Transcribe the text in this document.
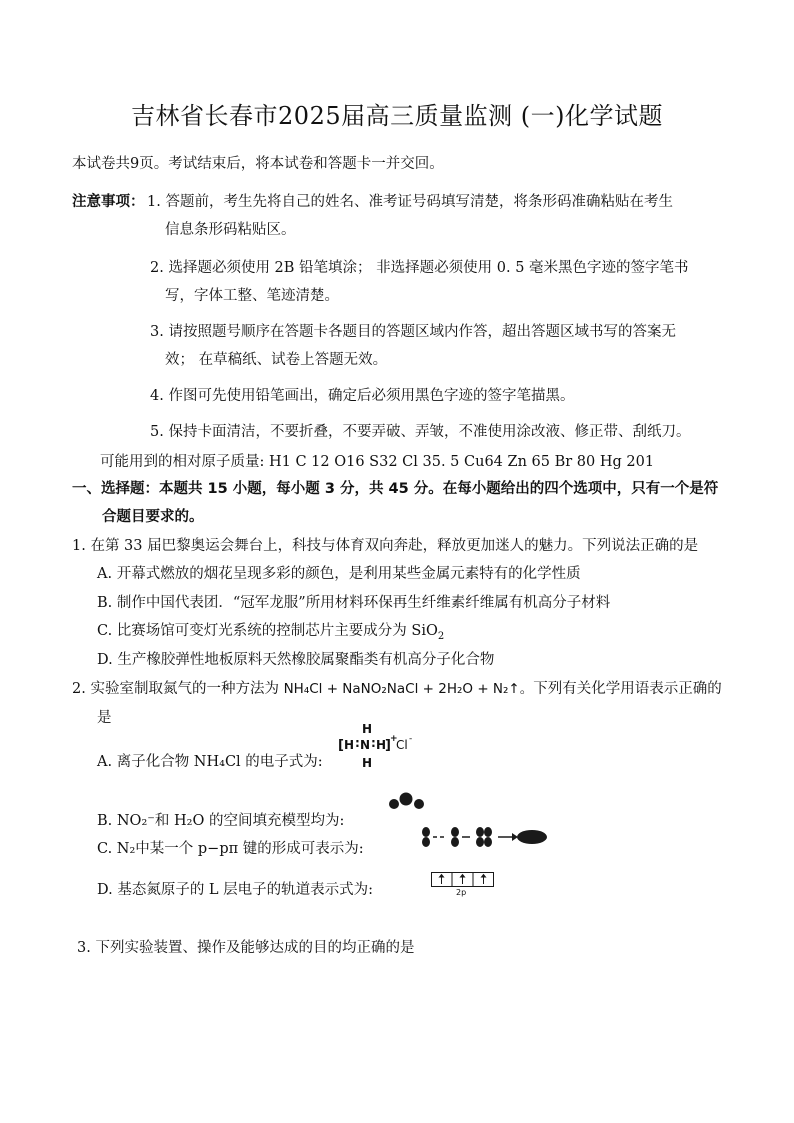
吉林省长春市2025届高三质量监测 (一)化学试题
本试卷共9页。考试结束后，将本试卷和答题卡一并交回。
注意事项： 1. 答题前，考生先将自己的姓名、准考证号码填写清楚，将条形码准确粘贴在考生
信息条形码粘贴区。
2. 选择题必须使用 2B 铅笔填涂； 非选择题必须使用 0. 5 毫米黑色字迹的签字笔书
写，字体工整、笔迹清楚。
3. 请按照题号顺序在答题卡各题目的答题区域内作答，超出答题区域书写的答案无
效； 在草稿纸、试卷上答题无效。
4. 作图可先使用铅笔画出，确定后必须用黑色字迹的签字笔描黑。
5. 保持卡面清洁，不要折叠，不要弄破、弄皱，不准使用涂改液、修正带、刮纸刀。
可能用到的相对原子质量: H1 C 12 O16 S32 Cl 35. 5 Cu64 Zn 65 Br 80 Hg 201
一、选择题：本题共 15 小题，每小题 3 分，共 45 分。在每小题给出的四个选项中，只有一个是符
合题目要求的。
1. 在第 33 届巴黎奥运会舞台上，科技与体育双向奔赴，释放更加迷人的魅力。下列说法正确的是
A. 开幕式燃放的烟花呈现多彩的颜色，是利用某些金属元素特有的化学性质
B. 制作中国代表团．“冠军龙服”所用材料环保再生纤维素纤维属有机高分子材料
C. 比赛场馆可变灯光系统的控制芯片主要成分为 SiO$_2$
D. 生产橡胶弹性地板原料天然橡胶属聚酯类有机高分子化合物
2. 实验室制取氮气的一种方法为 NH₄Cl + NaNO₂NaCl + 2H₂O + N₂↑。下列有关化学用语表示正确的
是
A. 离子化合物 NH₄Cl 的电子式为:
H
[ H : N : H
] +
Cl -
H
B. NO₂⁻和 H₂O 的空间填充模型均为:
C. N₂中某一个 p−pπ 键的形成可表示为:
D. 基态氮原子的 L 层电子的轨道表示式为:	2p
3. 下列实验装置、操作及能够达成的目的均正确的是
